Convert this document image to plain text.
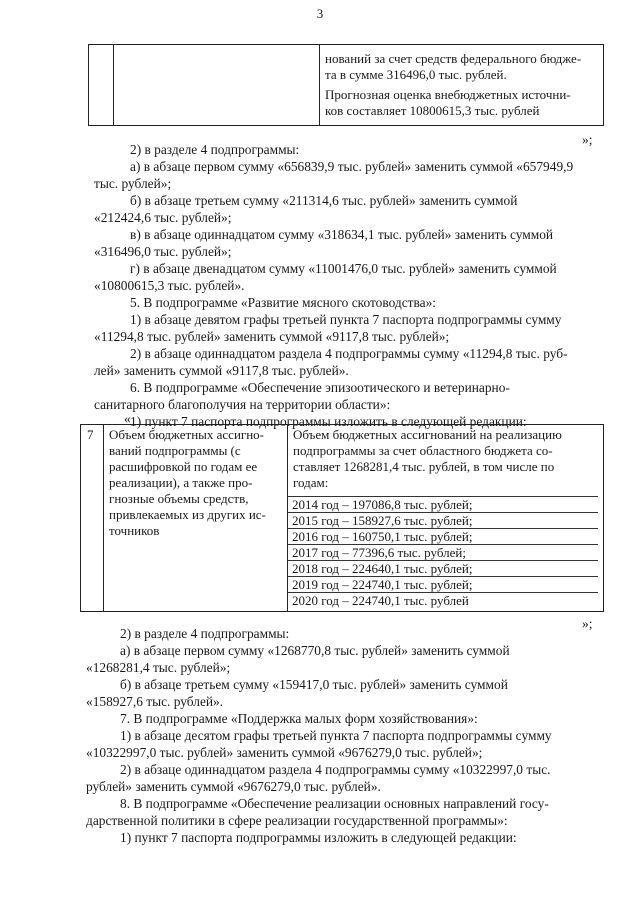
3
нований за счет средств федерального бюдже-
та в сумме 316496,0 тыс. рублей.
Прогнозная оценка внебюджетных источни-
ков составляет 10800615,3 тыс. рублей
»;
2) в разделе 4 подпрограммы:
а) в абзаце первом сумму «656839,9 тыс. рублей» заменить суммой «657949,9
тыс. рублей»;
б) в абзаце третьем сумму «211314,6 тыс. рублей» заменить суммой
«212424,6 тыс. рублей»;
в) в абзаце одиннадцатом сумму «318634,1 тыс. рублей» заменить суммой
«316496,0 тыс. рублей»;
г) в абзаце двенадцатом сумму «11001476,0 тыс. рублей» заменить суммой
«10800615,3 тыс. рублей».
5. В подпрограмме «Развитие мясного скотоводства»:
1) в абзаце девятом графы третьей пункта 7 паспорта подпрограммы сумму
«11294,8 тыс. рублей» заменить суммой «9117,8 тыс. рублей»;
2) в абзаце одиннадцатом раздела 4 подпрограммы сумму «11294,8 тыс. руб-
лей» заменить суммой «9117,8 тыс. рублей».
6. В подпрограмме «Обеспечение эпизоотического и ветеринарно-
санитарного благополучия на территории области»:
1) пункт 7 паспорта подпрограммы изложить в следующей редакции:
«
7 Объем бюджетных ассигно-
ваний подпрограммы (с
расшифровкой по годам ее
реализации), а также про-
гнозные объемы средств,
привлекаемых из других ис-
точников
Объем бюджетных ассигнований на реализацию
подпрограммы за счет областного бюджета со-
ставляет 1268281,4 тыс. рублей, в том числе по
годам:
2014 год – 197086,8 тыс. рублей;
2015 год – 158927,6 тыс. рублей;
2016 год – 160750,1 тыс. рублей;
2017 год – 77396,6 тыс. рублей;
2018 год – 224640,1 тыс. рублей;
2019 год – 224740,1 тыс. рублей;
2020 год – 224740,1 тыс. рублей
»;
2) в разделе 4 подпрограммы:
а) в абзаце первом сумму «1268770,8 тыс. рублей» заменить суммой
«1268281,4 тыс. рублей»;
б) в абзаце третьем сумму «159417,0 тыс. рублей» заменить суммой
«158927,6 тыс. рублей».
7. В подпрограмме «Поддержка малых форм хозяйствования»:
1) в абзаце десятом графы третьей пункта 7 паспорта подпрограммы сумму
«10322997,0 тыс. рублей» заменить суммой «9676279,0 тыс. рублей»;
2) в абзаце одиннадцатом раздела 4 подпрограммы сумму «10322997,0 тыс.
рублей» заменить суммой «9676279,0 тыс. рублей».
8. В подпрограмме «Обеспечение реализации основных направлений госу-
дарственной политики в сфере реализации государственной программы»:
1) пункт 7 паспорта подпрограммы изложить в следующей редакции:
